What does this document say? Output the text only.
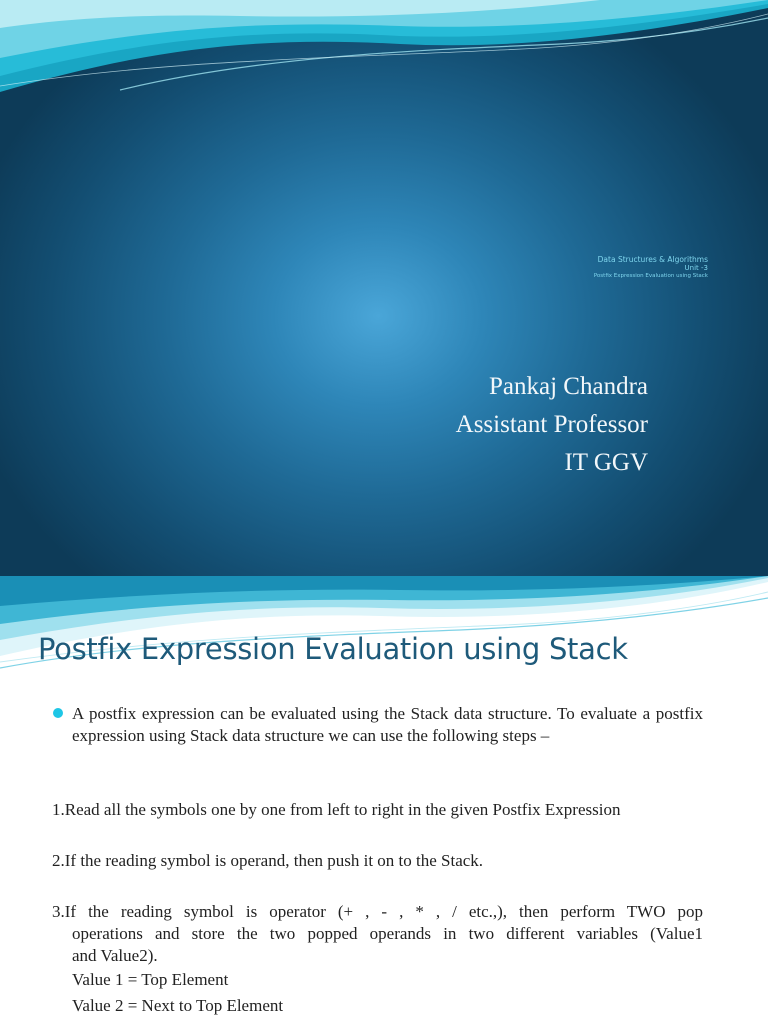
Data Structures & Algorithms
Unit -3
Postfix Expression Evaluation using Stack
Pankaj Chandra
Assistant Professor
IT GGV
Postfix Expression Evaluation using Stack
A postfix expression can be evaluated using the Stack data structure. To evaluate a postfix expression using Stack data structure we can use the following steps –
1.Read all the symbols one by one from left to right in the given Postfix Expression
2.If the reading symbol is operand, then push it on to the Stack.
3.If the reading symbol is operator (+ , - , * , / etc.,), then perform TWO pop
operations and store the two popped operands in two different variables (Value1
and Value2).
Value 1 = Top Element
Value 2 = Next to Top Element
